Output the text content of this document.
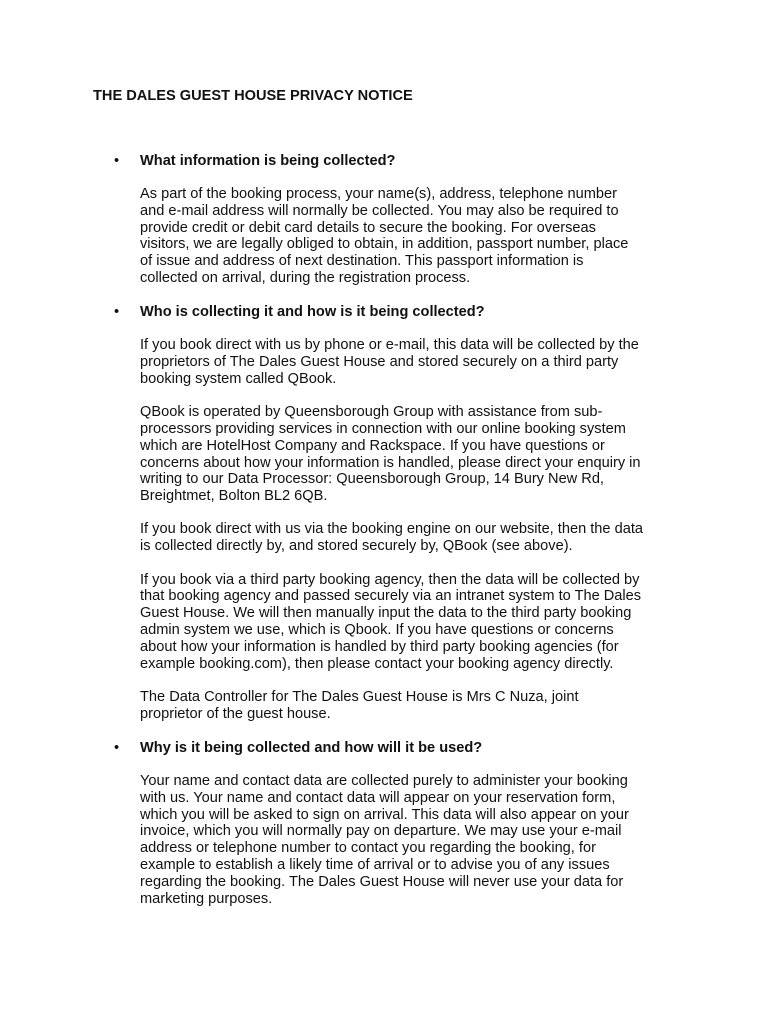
THE DALES GUEST HOUSE PRIVACY NOTICE
• What information is being collected?

As part of the booking process, your name(s), address, telephone number
and e-mail address will normally be collected. You may also be required to
provide credit or debit card details to secure the booking. For overseas
visitors, we are legally obliged to obtain, in addition, passport number, place
of issue and address of next destination. This passport information is
collected on arrival, during the registration process.

• Who is collecting it and how is it being collected?

If you book direct with us by phone or e-mail, this data will be collected by the
proprietors of The Dales Guest House and stored securely on a third party
booking system called QBook.

QBook is operated by Queensborough Group with assistance from sub-
processors providing services in connection with our online booking system
which are HotelHost Company and Rackspace. If you have questions or
concerns about how your information is handled, please direct your enquiry in
writing to our Data Processor: Queensborough Group, 14 Bury New Rd,
Breightmet, Bolton BL2 6QB.

If you book direct with us via the booking engine on our website, then the data
is collected directly by, and stored securely by, QBook (see above).

If you book via a third party booking agency, then the data will be collected by
that booking agency and passed securely via an intranet system to The Dales
Guest House. We will then manually input the data to the third party booking
admin system we use, which is Qbook. If you have questions or concerns
about how your information is handled by third party booking agencies (for
example booking.com), then please contact your booking agency directly.

The Data Controller for The Dales Guest House is Mrs C Nuza, joint
proprietor of the guest house.

• Why is it being collected and how will it be used?

Your name and contact data are collected purely to administer your booking
with us. Your name and contact data will appear on your reservation form,
which you will be asked to sign on arrival. This data will also appear on your
invoice, which you will normally pay on departure. We may use your e-mail
address or telephone number to contact you regarding the booking, for
example to establish a likely time of arrival or to advise you of any issues
regarding the booking. The Dales Guest House will never use your data for
marketing purposes.
